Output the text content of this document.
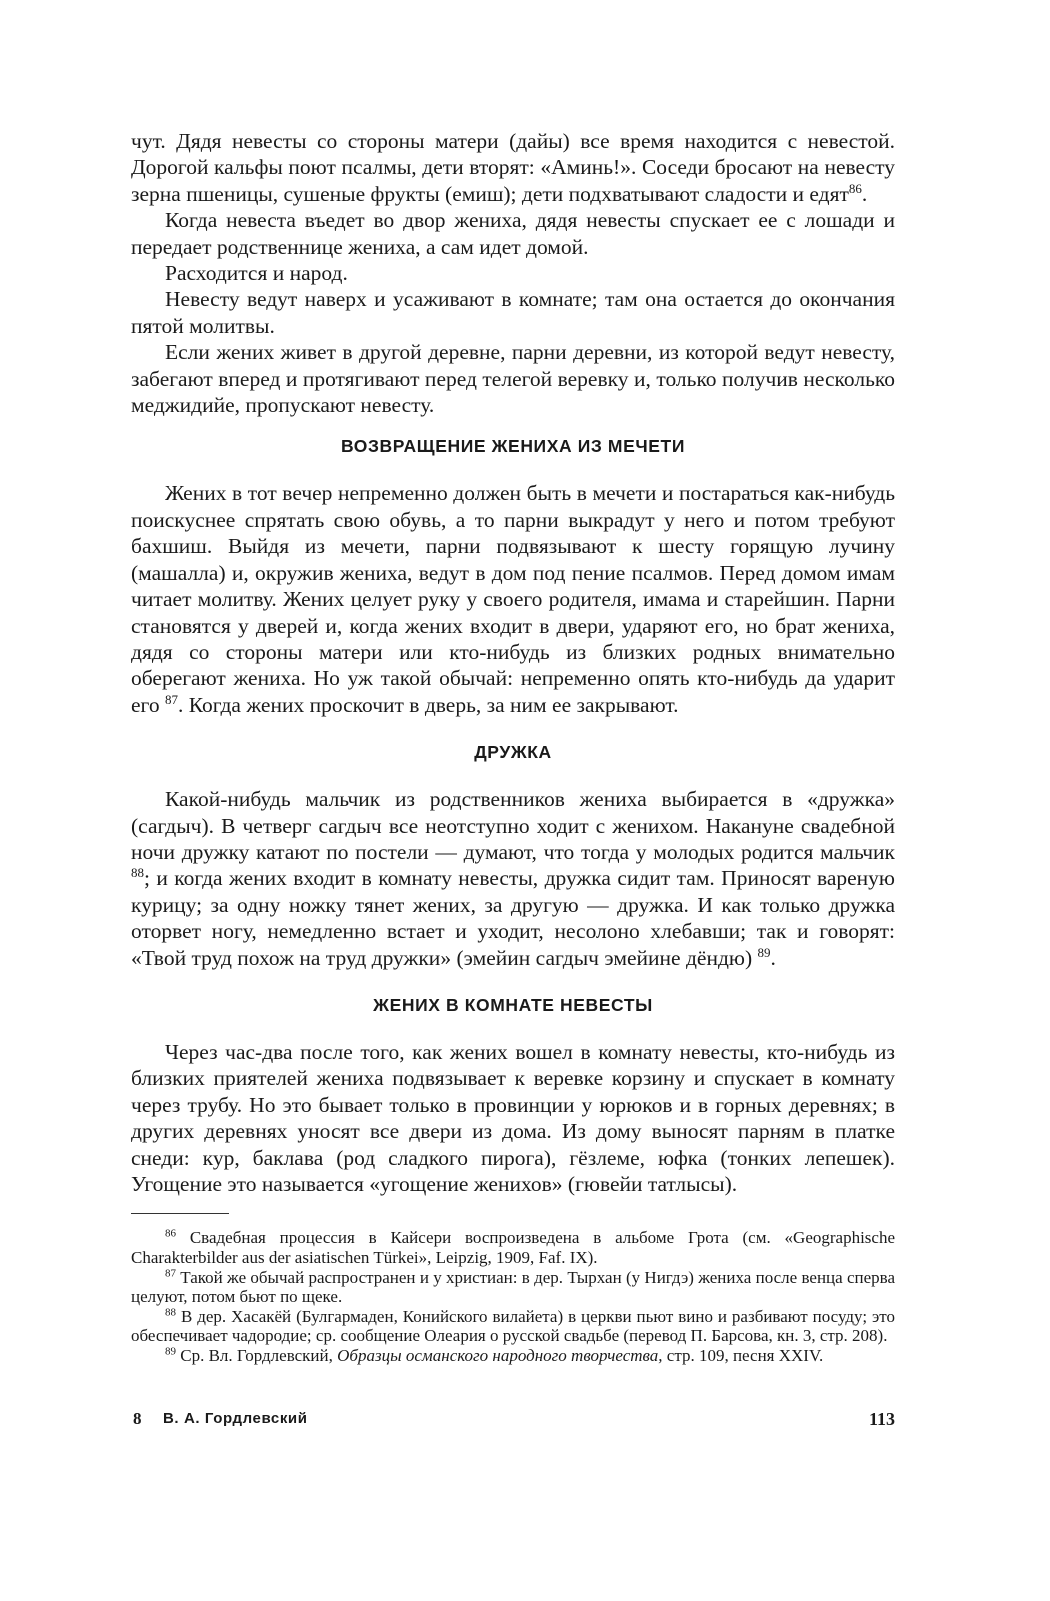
чут. Дядя невесты со стороны матери (дайы) все время находится с невестой. Дорогой кальфы поют псалмы, дети вторят: «Аминь!». Соседи бросают на невесту зерна пшеницы, сушеные фрукты (емиш); дети подхватывают сладости и едят$^{86}$.

Когда невеста въедет во двор жениха, дядя невесты спускает ее с лошади и передает родственнице жениха, а сам идет домой.

Расходится и народ.

Невесту ведут наверх и усаживают в комнате; там она остается до окончания пятой молитвы.

Если жених живет в другой деревне, парни деревни, из которой ведут невесту, забегают вперед и протягивают перед телегой веревку и, только получив несколько меджидийе, пропускают невесту.

ВОЗВРАЩЕНИЕ ЖЕНИХА ИЗ МЕЧЕТИ

Жених в тот вечер непременно должен быть в мечети и постараться как-нибудь поискуснее спрятать свою обувь, а то парни выкрадут у него и потом требуют бахшиш. Выйдя из мечети, парни подвязывают к шесту горящую лучину (машалла) и, окружив жениха, ведут в дом под пение псалмов. Перед домом имам читает молитву. Жених целует руку у своего родителя, имама и старейшин. Парни становятся у дверей и, когда жених входит в двери, ударяют его, но брат жениха, дядя со стороны матери или кто-нибудь из близких родных внимательно оберегают жениха. Но уж такой обычай: непременно опять кто-нибудь да ударит его $^{87}$. Когда жених проскочит в дверь, за ним ее закрывают.

ДРУЖКА

Какой-нибудь мальчик из родственников жениха выбирается в «дружка» (сагдыч). В четверг сагдыч все неотступно ходит с женихом. Накануне свадебной ночи дружку катают по постели — думают, что тогда у молодых родится мальчик $^{88}$; и когда жених входит в комнату невесты, дружка сидит там. Приносят вареную курицу; за одну ножку тянет жених, за другую — дружка. И как только дружка оторвет ногу, немедленно встает и уходит, несолоно хлебавши; так и говорят: «Твой труд похож на труд дружки» (эмейин сагдыч эмейине дёндю) $^{89}$.

ЖЕНИХ В КОМНАТЕ НЕВЕСТЫ

Через час-два после того, как жених вошел в комнату невесты, кто-нибудь из близких приятелей жениха подвязывает к веревке корзину и спускает в комнату через трубу. Но это бывает только в провинции у юрюков и в горных деревнях; в других деревнях уносят все двери из дома. Из дому выносят парням в платке снеди: кур, баклава (род сладкого пирога), гёзлеме, юфка (тонких лепешек). Угощение это называется «угощение женихов» (гювейи татлысы).

$^{86}$ Свадебная процессия в Кайсери воспроизведена в альбоме Грота (см. «Geographische Charakterbilder aus der asiatischen Türkei», Leipzig, 1909, Faf. IX).

$^{87}$ Такой же обычай распространен и у христиан: в дер. Тырхан (у Нигдэ) жениха после венца сперва целуют, потом бьют по щеке.

$^{88}$ В дер. Хасакёй (Булгармаден, Конийского вилайета) в церкви пьют вино и разбивают посуду; это обеспечивает чадородие; ср. сообщение Олеария о русской свадьбе (перевод П. Барсова, кн. 3, стр. 208).

$^{89}$ Ср. Вл. Гордлевский, Образцы османского народного творчества, стр. 109, песня XXIV.

8 В. А. Гордлевский	113
